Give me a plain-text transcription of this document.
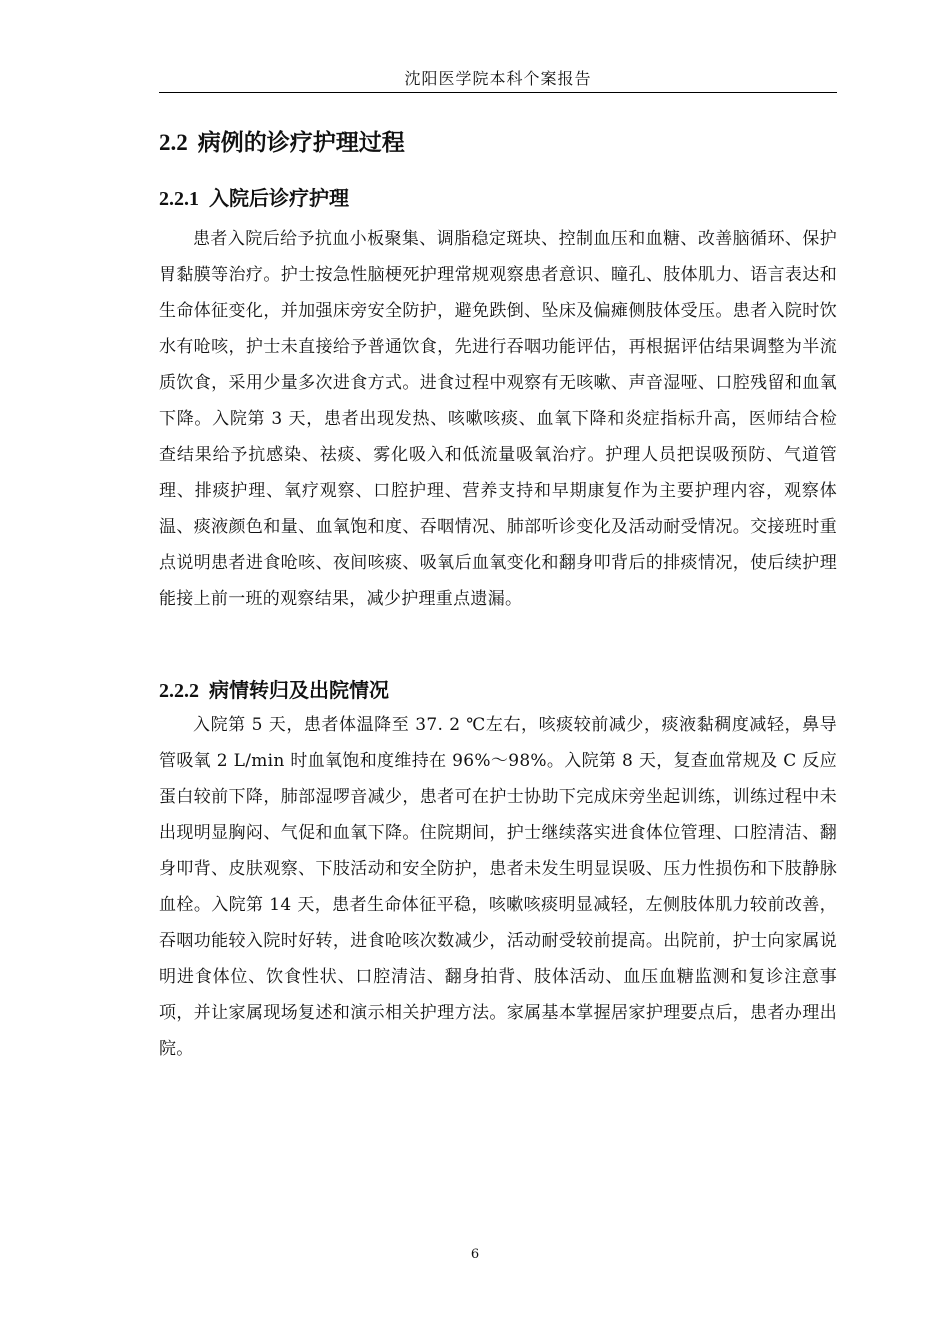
沈阳医学院本科个案报告
2.2 病例的诊疗护理过程
2.2.1 入院后诊疗护理

患者入院后给予抗血小板聚集、调脂稳定斑块、控制血压和血糖、改善脑循环、保护胃黏膜等治疗。护士按急性脑梗死护理常规观察患者意识、瞳孔、肢体肌力、语言表达和生命体征变化，并加强床旁安全防护，避免跌倒、坠床及偏瘫侧肢体受压。患者入院时饮水有呛咳，护士未直接给予普通饮食，先进行吞咽功能评估，再根据评估结果调整为半流质饮食，采用少量多次进食方式。进食过程中观察有无咳嗽、声音湿哑、口腔残留和血氧下降。入院第 3 天，患者出现发热、咳嗽咳痰、血氧下降和炎症指标升高，医师结合检查结果给予抗感染、祛痰、雾化吸入和低流量吸氧治疗。护理人员把误吸预防、气道管理、排痰护理、氧疗观察、口腔护理、营养支持和早期康复作为主要护理内容，观察体温、痰液颜色和量、血氧饱和度、吞咽情况、肺部听诊变化及活动耐受情况。交接班时重点说明患者进食呛咳、夜间咳痰、吸氧后血氧变化和翻身叩背后的排痰情况，使后续护理能接上前一班的观察结果，减少护理重点遗漏。

2.2.2 病情转归及出院情况

入院第 5 天，患者体温降至 37. 2 ℃左右，咳痰较前减少，痰液黏稠度减轻，鼻导管吸氧 2 L/min 时血氧饱和度维持在 96%～98%。入院第 8 天，复查血常规及 C 反应蛋白较前下降，肺部湿啰音减少，患者可在护士协助下完成床旁坐起训练，训练过程中未出现明显胸闷、气促和血氧下降。住院期间，护士继续落实进食体位管理、口腔清洁、翻身叩背、皮肤观察、下肢活动和安全防护，患者未发生明显误吸、压力性损伤和下肢静脉血栓。入院第 14 天，患者生命体征平稳，咳嗽咳痰明显减轻，左侧肢体肌力较前改善，吞咽功能较入院时好转，进食呛咳次数减少，活动耐受较前提高。出院前，护士向家属说明进食体位、饮食性状、口腔清洁、翻身拍背、肢体活动、血压血糖监测和复诊注意事项，并让家属现场复述和演示相关护理方法。家属基本掌握居家护理要点后，患者办理出院。

6
